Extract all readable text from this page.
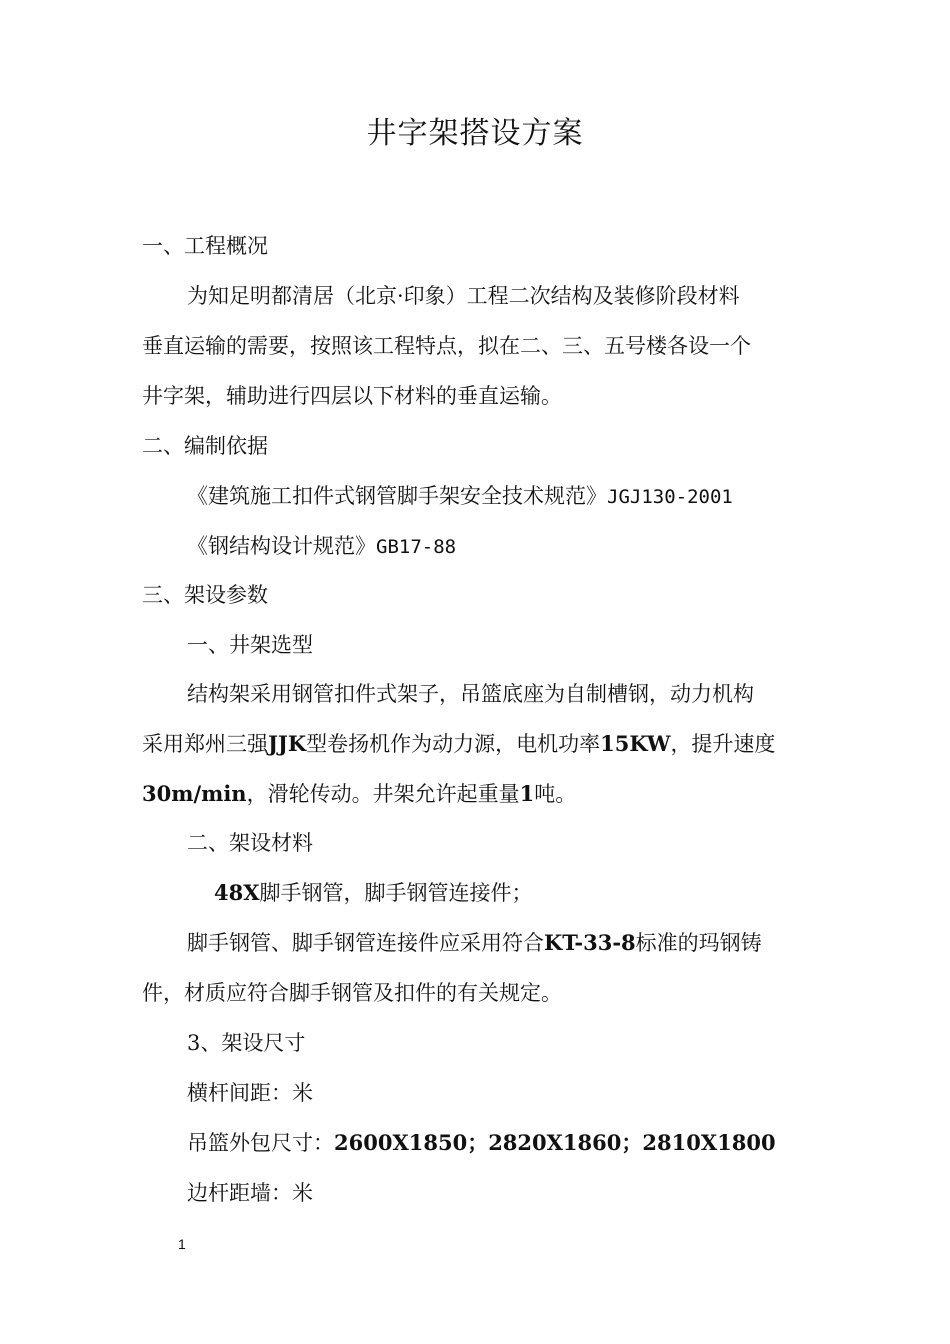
井字架搭设方案
一、工程概况
为知足明都清居（北京·印象）工程二次结构及装修阶段材料
垂直运输的需要，按照该工程特点，拟在二、三、五号楼各设一个
井字架，辅助进行四层以下材料的垂直运输。
二、编制依据
《建筑施工扣件式钢管脚手架安全技术规范》JGJ130-2001
《钢结构设计规范》GB17-88
三、架设参数
一、井架选型
结构架采用钢管扣件式架子，吊篮底座为自制槽钢，动力机构
采用郑州三强JJK型卷扬机作为动力源，电机功率15KW，提升速度
30m/min，滑轮传动。井架允许起重量1吨。
二、架设材料
48X脚手钢管，脚手钢管连接件；
脚手钢管、脚手钢管连接件应采用符合KT-33-8标准的玛钢铸
件，材质应符合脚手钢管及扣件的有关规定。
3、架设尺寸
横杆间距：米
吊篮外包尺寸：2600X1850；2820X1860；2810X1800
边杆距墙：米
1
